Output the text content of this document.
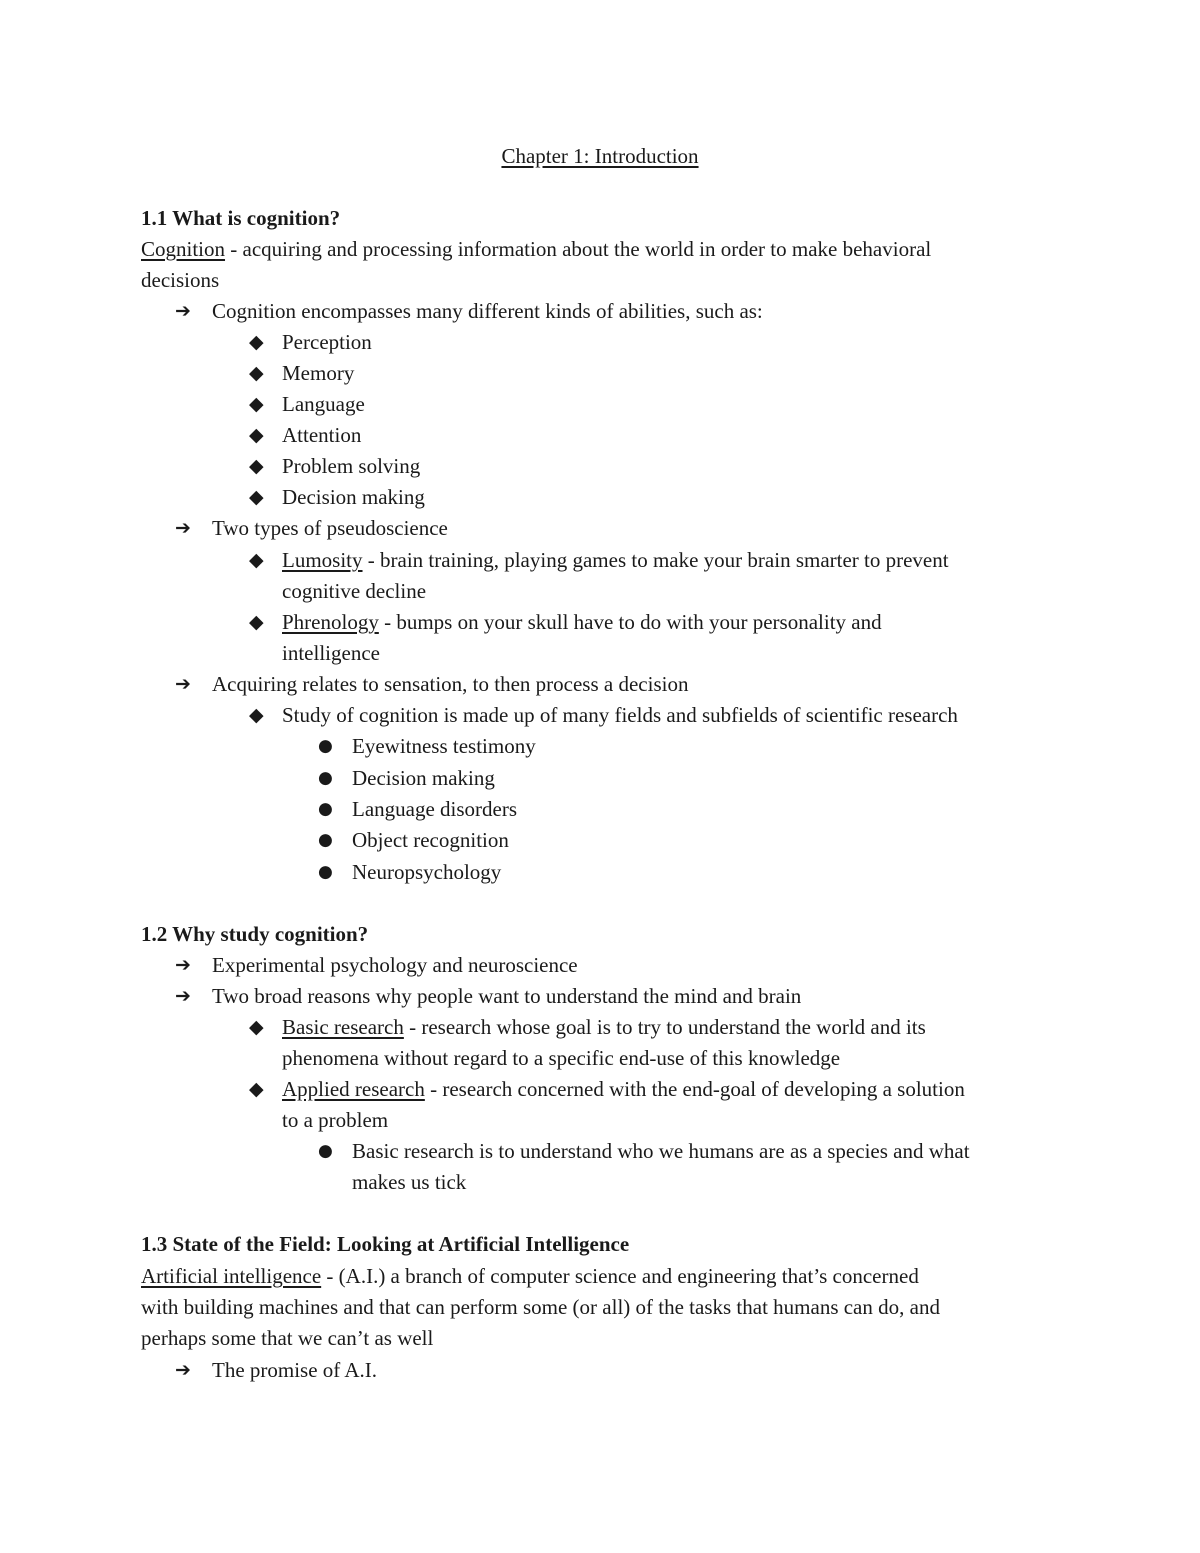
Chapter 1: Introduction
1.1 What is cognition?
Cognition - acquiring and processing information about the world in order to make behavioral
decisions
➔ Cognition encompasses many different kinds of abilities, such as:
◆ Perception
◆ Memory
◆ Language
◆ Attention
◆ Problem solving
◆ Decision making
➔ Two types of pseudoscience
◆ Lumosity - brain training, playing games to make your brain smarter to prevent
cognitive decline
◆ Phrenology - bumps on your skull have to do with your personality and
intelligence
➔ Acquiring relates to sensation, to then process a decision
◆ Study of cognition is made up of many fields and subfields of scientific research
● Eyewitness testimony
● Decision making
● Language disorders
● Object recognition
● Neuropsychology
1.2 Why study cognition?
➔ Experimental psychology and neuroscience
➔ Two broad reasons why people want to understand the mind and brain
◆ Basic research - research whose goal is to try to understand the world and its
phenomena without regard to a specific end-use of this knowledge
◆ Applied research - research concerned with the end-goal of developing a solution
to a problem
● Basic research is to understand who we humans are as a species and what
makes us tick
1.3 State of the Field: Looking at Artificial Intelligence
Artificial intelligence - (A.I.) a branch of computer science and engineering that’s concerned
with building machines and that can perform some (or all) of the tasks that humans can do, and
perhaps some that we can’t as well
➔ The promise of A.I.
